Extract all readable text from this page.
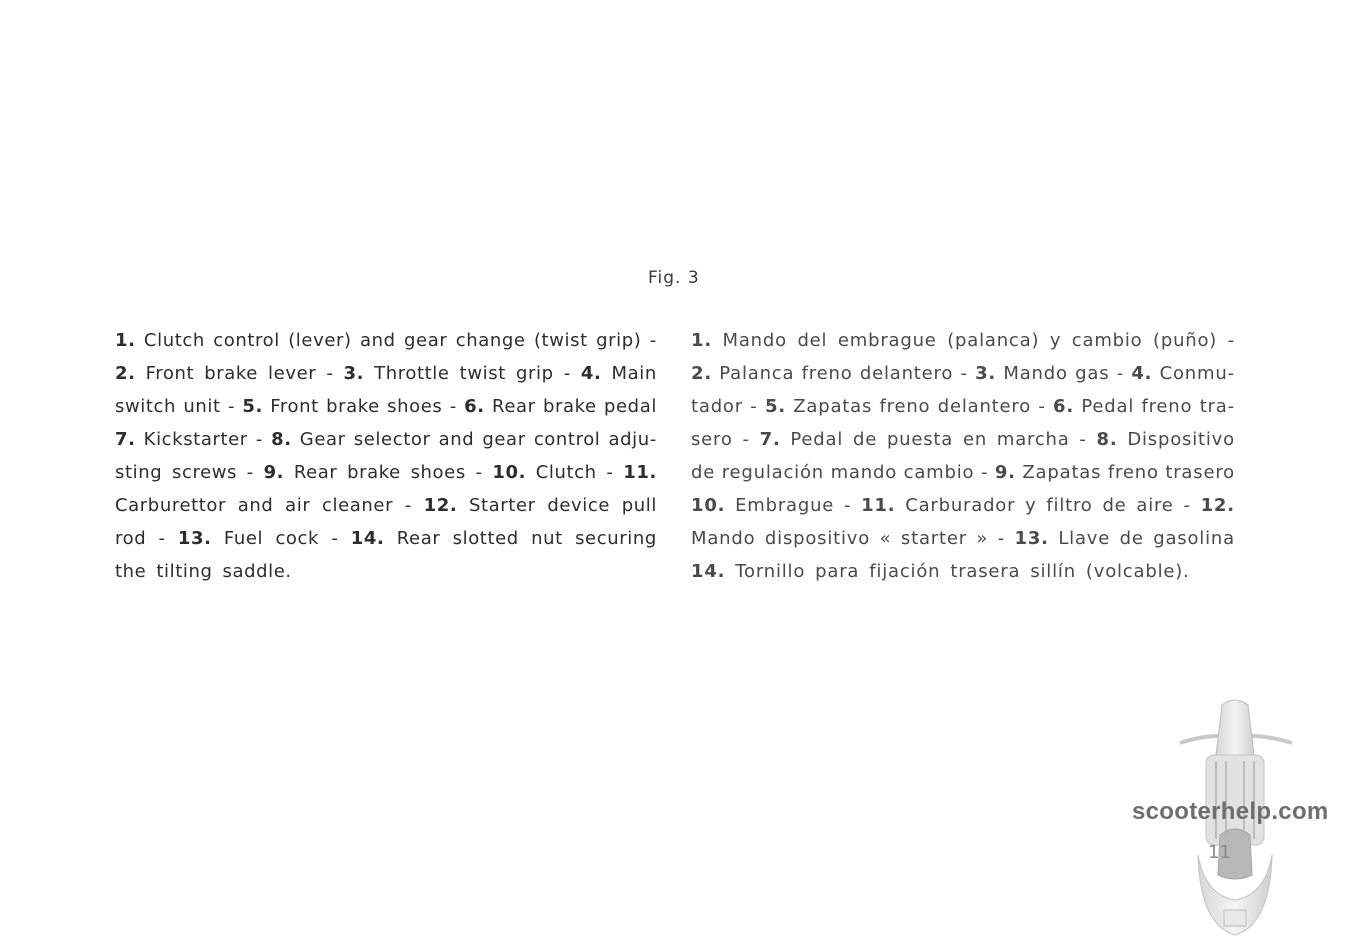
Fig. 3
1. Clutch control (lever) and gear change (twist grip) -
2. Front brake lever - 3. Throttle twist grip - 4. Main
switch unit - 5. Front brake shoes - 6. Rear brake pedal
7. Kickstarter - 8. Gear selector and gear control adju-
sting screws - 9. Rear brake shoes - 10. Clutch - 11.
Carburettor and air cleaner - 12. Starter device pull
rod - 13. Fuel cock - 14. Rear slotted nut securing
the tilting saddle.
1. Mando del embrague (palanca) y cambio (puño) -
2. Palanca freno delantero - 3. Mando gas - 4. Conmu-
tador - 5. Zapatas freno delantero - 6. Pedal freno tra-
sero - 7. Pedal de puesta en marcha - 8. Dispositivo
de regulación mando cambio - 9. Zapatas freno trasero
10. Embrague - 11. Carburador y filtro de aire - 12.
Mando dispositivo « starter » - 13. Llave de gasolina
14. Tornillo para fijación trasera sillín (volcable).
scooterhelp.com
11
